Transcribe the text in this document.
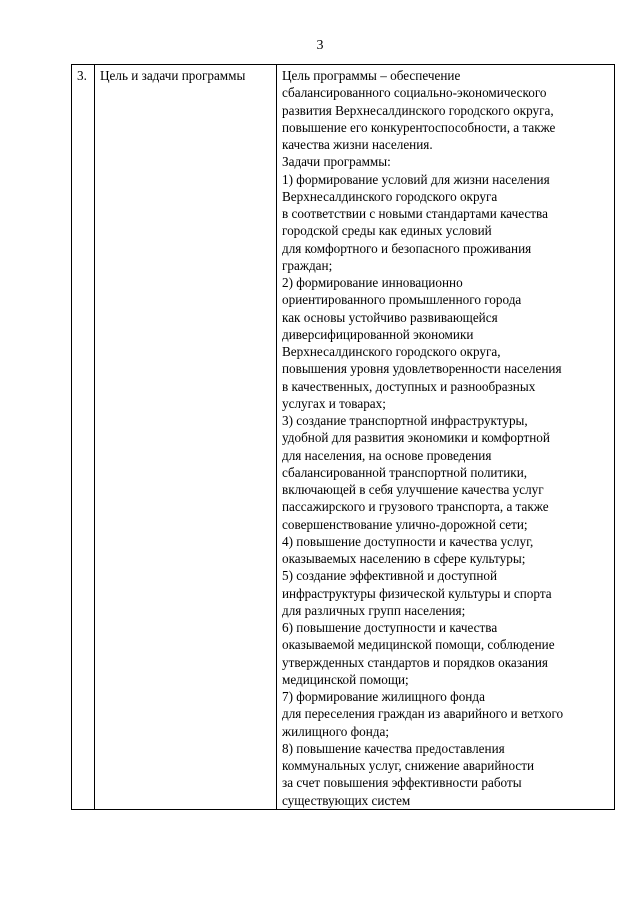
3
3.	Цель и задачи программы	Цель программы – обеспечение
сбалансированного социально-экономического
развития Верхнесалдинского городского округа,
повышение его конкурентоспособности, а также
качества жизни населения.
Задачи программы:
1) формирование условий для жизни населения
Верхнесалдинского городского округа
в соответствии с новыми стандартами качества
городской среды как единых условий
для комфортного и безопасного проживания
граждан;
2) формирование инновационно
ориентированного промышленного города
как основы устойчиво развивающейся
диверсифицированной экономики
Верхнесалдинского городского округа,
повышения уровня удовлетворенности населения
в качественных, доступных и разнообразных
услугах и товарах;
3) создание транспортной инфраструктуры,
удобной для развития экономики и комфортной
для населения, на основе проведения
сбалансированной транспортной политики,
включающей в себя улучшение качества услуг
пассажирского и грузового транспорта, а также
совершенствование улично-дорожной сети;
4) повышение доступности и качества услуг,
оказываемых населению в сфере культуры;
5) создание эффективной и доступной
инфраструктуры физической культуры и спорта
для различных групп населения;
6) повышение доступности и качества
оказываемой медицинской помощи, соблюдение
утвержденных стандартов и порядков оказания
медицинской помощи;
7) формирование жилищного фонда
для переселения граждан из аварийного и ветхого
жилищного фонда;
8) повышение качества предоставления
коммунальных услуг, снижение аварийности
за счет повышения эффективности работы
существующих систем
